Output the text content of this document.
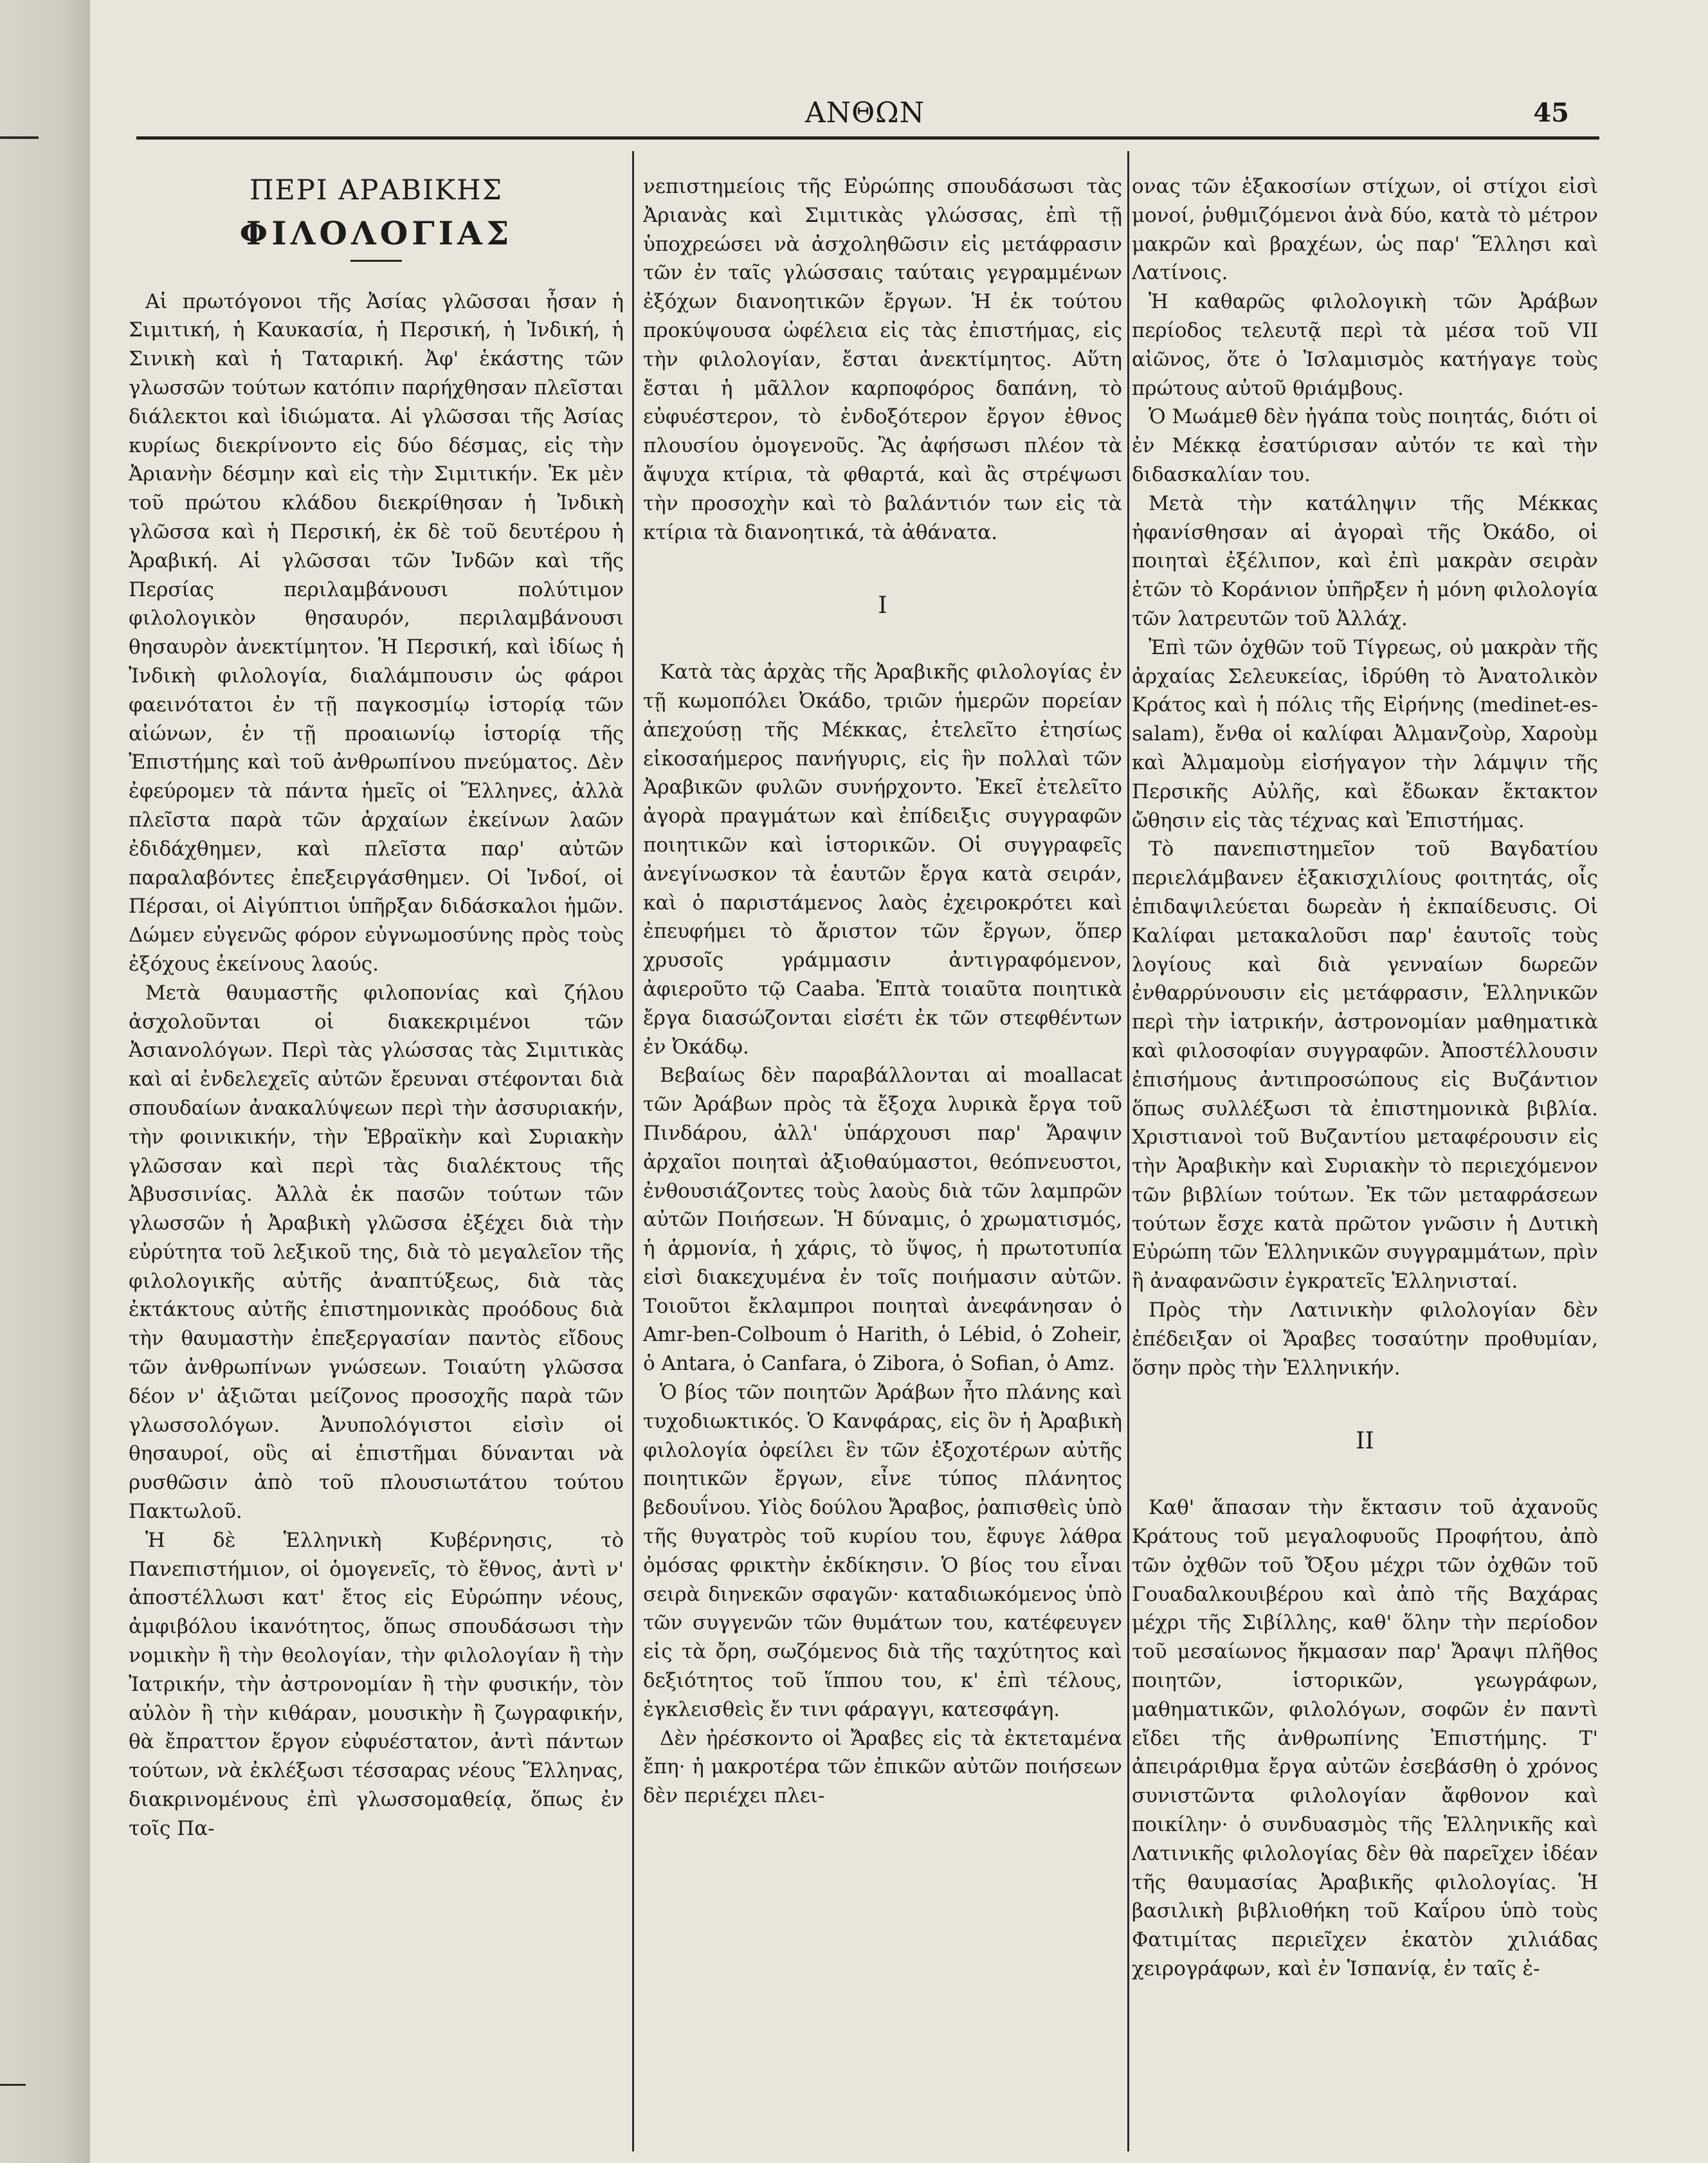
ΑΝΘΩΝ	45
ΠΕΡΙ ΑΡΑΒΙΚΗΣ
ΦΙΛΟΛΟΓΙΑΣ

Αἱ πρωτόγονοι τῆς Ἀσίας γλῶσσαι ἦσαν ἡ Σιμιτική, ἡ Καυκασία, ἡ Περσική, ἡ Ἰνδική, ἡ Σινικὴ καὶ ἡ Ταταρική. Ἀφ' ἑκάστης τῶν γλωσσῶν τούτων κατόπιν παρήχθησαν πλεῖσται διάλεκτοι καὶ ἰδιώματα. Αἱ γλῶσσαι τῆς Ἀσίας κυρίως διεκρίνοντο εἰς δύο δέσμας, εἰς τὴν Ἀριανὴν δέσμην καὶ εἰς τὴν Σιμιτικήν. Ἐκ μὲν τοῦ πρώτου κλάδου διεκρίθησαν ἡ Ἰνδικὴ γλῶσσα καὶ ἡ Περσική, ἐκ δὲ τοῦ δευτέρου ἡ Ἀραβική. Αἱ γλῶσσαι τῶν Ἰνδῶν καὶ τῆς Περσίας περιλαμβάνουσι πολύτιμον φιλολογικὸν θησαυρόν, περιλαμβάνουσι θησαυρὸν ἀνεκτίμητον. Ἡ Περσική, καὶ ἰδίως ἡ Ἰνδικὴ φιλολογία, διαλάμπουσιν ὡς φάροι φαεινότατοι ἐν τῇ παγκοσμίῳ ἱστορίᾳ τῶν αἰώνων, ἐν τῇ προαιωνίῳ ἱστορίᾳ τῆς Ἐπιστήμης καὶ τοῦ ἀνθρωπίνου πνεύματος. Δὲν ἐφεύρομεν τὰ πάντα ἡμεῖς οἱ Ἕλληνες, ἀλλὰ πλεῖστα παρὰ τῶν ἀρχαίων ἐκείνων λαῶν ἐδιδάχθημεν, καὶ πλεῖστα παρ' αὐτῶν παραλαβόντες ἐπεξειργάσθημεν. Οἱ Ἰνδοί, οἱ Πέρσαι, οἱ Αἰγύπτιοι ὑπῆρξαν διδάσκαλοι ἡμῶν. Δώμεν εὐγενῶς φόρον εὐγνωμοσύνης πρὸς τοὺς ἐξόχους ἐκείνους λαούς.

Μετὰ θαυμαστῆς φιλοπονίας καὶ ζήλου ἀσχολοῦνται οἱ διακεκριμένοι τῶν Ἀσιανολόγων. Περὶ τὰς γλώσσας τὰς Σιμιτικὰς καὶ αἱ ἐνδελεχεῖς αὐτῶν ἔρευναι στέφονται διὰ σπουδαίων ἀνακαλύψεων περὶ τὴν ἀσσυριακήν, τὴν φοινικικήν, τὴν Ἑβραϊκὴν καὶ Συριακὴν γλῶσσαν καὶ περὶ τὰς διαλέκτους τῆς Ἀβυσσινίας. Ἀλλὰ ἐκ πασῶν τούτων τῶν γλωσσῶν ἡ Ἀραβικὴ γλῶσσα ἐξέχει διὰ τὴν εὐρύτητα τοῦ λεξικοῦ της, διὰ τὸ μεγαλεῖον τῆς φιλολογικῆς αὐτῆς ἀναπτύξεως, διὰ τὰς ἐκτάκτους αὐτῆς ἐπιστημονικὰς προόδους διὰ τὴν θαυμαστὴν ἐπεξεργασίαν παντὸς εἴδους τῶν ἀνθρωπίνων γνώσεων. Τοιαύτη γλῶσσα δέον ν' ἀξιῶται μείζονος προσοχῆς παρὰ τῶν γλωσσολόγων. Ἀνυπολόγιστοι εἰσὶν οἱ θησαυροί, οὓς αἱ ἐπιστῆμαι δύνανται νὰ ρυσθῶσιν ἀπὸ τοῦ πλουσιωτάτου τούτου Πακτωλοῦ.

Ἡ δὲ Ἑλληνικὴ Κυβέρνησις, τὸ Πανεπιστήμιον, οἱ ὁμογενεῖς, τὸ ἔθνος, ἀντὶ ν' ἀποστέλλωσι κατ' ἔτος εἰς Εὐρώπην νέους, ἀμφιβόλου ἱκανότητος, ὅπως σπουδάσωσι τὴν νομικὴν ἢ τὴν θεολογίαν, τὴν φιλολογίαν ἢ τὴν Ἰατρικήν, τὴν ἀστρονομίαν ἢ τὴν φυσικήν, τὸν αὐλὸν ἢ τὴν κιθάραν, μουσικὴν ἢ ζωγραφικήν, θὰ ἔπραττον ἔργον εὐφυέστατον, ἀντὶ πάντων τούτων, νὰ ἐκλέξωσι τέσσαρας νέους Ἕλληνας, διακρινομένους ἐπὶ γλωσσομαθείᾳ, ὅπως ἐν τοῖς Πα-

νεπιστημείοις τῆς Εὐρώπης σπουδάσωσι τὰς Ἀριανὰς καὶ Σιμιτικὰς γλώσσας, ἐπὶ τῇ ὑποχρεώσει νὰ ἀσχοληθῶσιν εἰς μετάφρασιν τῶν ἐν ταῖς γλώσσαις ταύταις γεγραμμένων ἐξόχων διανοητικῶν ἔργων. Ἡ ἐκ τούτου προκύψουσα ὠφέλεια εἰς τὰς ἐπιστήμας, εἰς τὴν φιλολογίαν, ἔσται ἀνεκτίμητος. Αὕτη ἔσται ἡ μᾶλλον καρποφόρος δαπάνη, τὸ εὐφυέστερον, τὸ ἐνδοξότερον ἔργον ἐθνος πλουσίου ὁμογενοῦς. Ἂς ἀφήσωσι πλέον τὰ ἄψυχα κτίρια, τὰ φθαρτά, καὶ ἂς στρέψωσι τὴν προσοχὴν καὶ τὸ βαλάντιόν των εἰς τὰ κτίρια τὰ διανοητικά, τὰ ἀθάνατα.

I

Κατὰ τὰς ἀρχὰς τῆς Ἀραβικῆς φιλολογίας ἐν τῇ κωμοπόλει Ὀκάδο, τριῶν ἡμερῶν πορείαν ἀπεχούσῃ τῆς Μέκκας, ἐτελεῖτο ἐτησίως εἰκοσαήμερος πανήγυρις, εἰς ἣν πολλαὶ τῶν Ἀραβικῶν φυλῶν συνήρχοντο. Ἐκεῖ ἐτελεῖτο ἀγορὰ πραγμάτων καὶ ἐπίδειξις συγγραφῶν ποιητικῶν καὶ ἱστορικῶν. Οἱ συγγραφεῖς ἀνεγίνωσκον τὰ ἑαυτῶν ἔργα κατὰ σειράν, καὶ ὁ παριστάμενος λαὸς ἐχειροκρότει καὶ ἐπευφήμει τὸ ἄριστον τῶν ἔργων, ὅπερ χρυσοῖς γράμμασιν ἀντιγραφόμενον, ἀφιεροῦτο τῷ Caaba. Ἑπτὰ τοιαῦτα ποιητικὰ ἔργα διασώζονται εἰσέτι ἐκ τῶν στεφθέντων ἐν Ὀκάδῳ.

Βεβαίως δὲν παραβάλλονται αἱ moallacat τῶν Ἀράβων πρὸς τὰ ἔξοχα λυρικὰ ἔργα τοῦ Πινδάρου, ἀλλ' ὑπάρχουσι παρ' Ἄραψιν ἀρχαῖοι ποιηταὶ ἀξιοθαύμαστοι, θεόπνευστοι, ἐνθουσιάζοντες τοὺς λαοὺς διὰ τῶν λαμπρῶν αὐτῶν Ποιήσεων. Ἡ δύναμις, ὁ χρωματισμός, ἡ ἁρμονία, ἡ χάρις, τὸ ὕψος, ἡ πρωτοτυπία εἰσὶ διακεχυμένα ἐν τοῖς ποιήμασιν αὐτῶν. Τοιοῦτοι ἔκλαμπροι ποιηταὶ ἀνεφάνησαν ὁ Amr-ben-Colboum ὁ Harith, ὁ Lébid, ὁ Zoheir, ὁ Antara, ὁ Canfara, ὁ Zibora, ὁ Sofian, ὁ Amz.

Ὁ βίος τῶν ποιητῶν Ἀράβων ἦτο πλάνης καὶ τυχοδιωκτικός. Ὁ Κανφάρας, εἰς ὃν ἡ Ἀραβικὴ φιλολογία ὀφείλει ἓν τῶν ἐξοχοτέρων αὐτῆς ποιητικῶν ἔργων, εἶνε τύπος πλάνητος βεδουΐνου. Υἱὸς δούλου Ἄραβος, ῥαπισθεὶς ὑπὸ τῆς θυγατρὸς τοῦ κυρίου του, ἔφυγε λάθρα ὀμόσας φρικτὴν ἐκδίκησιν. Ὁ βίος του εἶναι σειρὰ διηνεκῶν σφαγῶν· καταδιωκόμενος ὑπὸ τῶν συγγενῶν τῶν θυμάτων του, κατέφευγεν εἰς τὰ ὄρη, σωζόμενος διὰ τῆς ταχύτητος καὶ δεξιότητος τοῦ ἵππου του, κ' ἐπὶ τέλους, ἐγκλεισθεὶς ἔν τινι φάραγγι, κατεσφάγη.

Δὲν ἠρέσκοντο οἱ Ἄραβες εἰς τὰ ἐκτεταμένα ἔπη· ἡ μακροτέρα τῶν ἐπικῶν αὐτῶν ποιήσεων δὲν περιέχει πλει-

ονας τῶν ἑξακοσίων στίχων, οἱ στίχοι εἰσὶ μονοί, ῥυθμιζόμενοι ἀνὰ δύο, κατὰ τὸ μέτρον μακρῶν καὶ βραχέων, ὡς παρ' Ἕλλησι καὶ Λατίνοις.

Ἡ καθαρῶς φιλολογικὴ τῶν Ἀράβων περίοδος τελευτᾷ περὶ τὰ μέσα τοῦ VII αἰῶνος, ὅτε ὁ Ἰσλαμισμὸς κατήγαγε τοὺς πρώτους αὐτοῦ θριάμβους.

Ὁ Μωάμεθ δὲν ἠγάπα τοὺς ποιητάς, διότι οἱ ἐν Μέκκᾳ ἐσατύρισαν αὐτόν τε καὶ τὴν διδασκαλίαν του.

Μετὰ τὴν κατάληψιν τῆς Μέκκας ἠφανίσθησαν αἱ ἀγοραὶ τῆς Ὀκάδο, οἱ ποιηταὶ ἐξέλιπον, καὶ ἐπὶ μακρὰν σειρὰν ἐτῶν τὸ Κοράνιον ὑπῆρξεν ἡ μόνη φιλολογία τῶν λατρευτῶν τοῦ Ἀλλάχ.

Ἐπὶ τῶν ὀχθῶν τοῦ Τίγρεως, οὐ μακρὰν τῆς ἀρχαίας Σελευκείας, ἱδρύθη τὸ Ἀνατολικὸν Κράτος καὶ ἡ πόλις τῆς Εἰρήνης (medinet-es-salam), ἔνθα οἱ καλίφαι Ἀλμανζοὺρ, Χαροὺμ καὶ Ἀλμαμοὺμ εἰσήγαγον τὴν λάμψιν τῆς Περσικῆς Αὐλῆς, καὶ ἔδωκαν ἔκτακτον ὤθησιν εἰς τὰς τέχνας καὶ Ἐπιστήμας.

Τὸ πανεπιστημεῖον τοῦ Βαγδατίου περιελάμβανεν ἑξακισχιλίους φοιτητάς, οἷς ἐπιδαψιλεύεται δωρεὰν ἡ ἐκπαίδευσις. Οἱ Καλίφαι μετακαλοῦσι παρ' ἑαυτοῖς τοὺς λογίους καὶ διὰ γενναίων δωρεῶν ἐνθαρρύνουσιν εἰς μετάφρασιν, Ἑλληνικῶν περὶ τὴν ἰατρικήν, ἀστρονομίαν μαθηματικὰ καὶ φιλοσοφίαν συγγραφῶν. Ἀποστέλλουσιν ἐπισήμους ἀντιπροσώπους εἰς Βυζάντιον ὅπως συλλέξωσι τὰ ἐπιστημονικὰ βιβλία. Χριστιανοὶ τοῦ Βυζαντίου μεταφέρουσιν εἰς τὴν Ἀραβικὴν καὶ Συριακὴν τὸ περιεχόμενον τῶν βιβλίων τούτων. Ἐκ τῶν μεταφράσεων τούτων ἔσχε κατὰ πρῶτον γνῶσιν ἡ Δυτικὴ Εὐρώπη τῶν Ἑλληνικῶν συγγραμμάτων, πρὶν ἢ ἀναφανῶσιν ἐγκρατεῖς Ἑλληνισταί.

Πρὸς τὴν Λατινικὴν φιλολογίαν δὲν ἐπέδειξαν οἱ Ἄραβες τοσαύτην προθυμίαν, ὅσην πρὸς τὴν Ἑλληνικήν.

II

Καθ' ἅπασαν τὴν ἔκτασιν τοῦ ἀχανοῦς Κράτους τοῦ μεγαλοφυοῦς Προφήτου, ἀπὸ τῶν ὀχθῶν τοῦ Ὄξου μέχρι τῶν ὀχθῶν τοῦ Γουαδαλκουιβέρου καὶ ἀπὸ τῆς Βαχάρας μέχρι τῆς Σιβίλλης, καθ' ὅλην τὴν περίοδον τοῦ μεσαίωνος ἤκμασαν παρ' Ἄραψι πλῆθος ποιητῶν, ἱστορικῶν, γεωγράφων, μαθηματικῶν, φιλολόγων, σοφῶν ἐν παντὶ εἴδει τῆς ἀνθρωπίνης Ἐπιστήμης. Τ' ἀπειράριθμα ἔργα αὐτῶν ἐσεβάσθη ὁ χρόνος συνιστῶντα φιλολογίαν ἄφθονον καὶ ποικίλην· ὁ συνδυασμὸς τῆς Ἑλληνικῆς καὶ Λατινικῆς φιλολογίας δὲν θὰ παρεῖχεν ἰδέαν τῆς θαυμασίας Ἀραβικῆς φιλολογίας. Ἡ βασιλικὴ βιβλιοθήκη τοῦ Καΐρου ὑπὸ τοὺς Φατιμίτας περιεῖχεν ἑκατὸν χιλιάδας χειρογράφων, καὶ ἐν Ἱσπανίᾳ, ἐν ταῖς ἐ-
